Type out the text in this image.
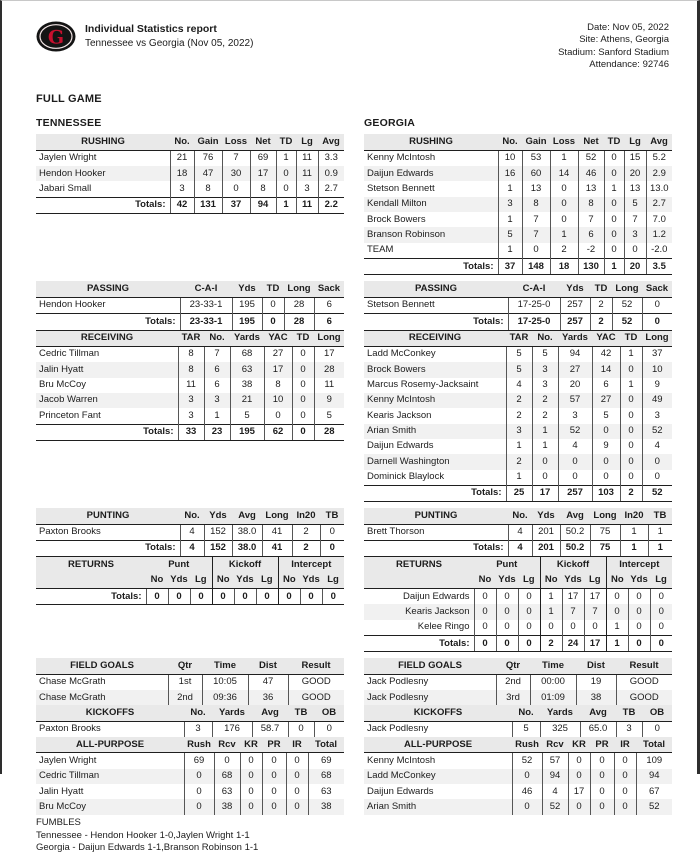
G Individual Statistics report
Tennessee vs Georgia (Nov 05, 2022)
Date: Nov 05, 2022
Site: Athens, Georgia
Stadium: Sanford Stadium
Attendance: 92746
FULL GAME
TENNESSEE
RUSHING	No.	Gain	Loss	Net	TD	Lg	Avg
Jaylen Wright	21	76	7	69	1	11	3.3
Hendon Hooker	18	47	30	17	0	11	0.9
Jabari Small	3	8	0	8	0	3	2.7
Totals:	42	131	37	94	1	11	2.2
GEORGIA
RUSHING	No.	Gain	Loss	Net	TD	Lg	Avg
Kenny McIntosh	10	53	1	52	0	15	5.2
Daijun Edwards	16	60	14	46	0	20	2.9
Stetson Bennett	1	13	0	13	1	13	13.0
Kendall Milton	3	8	0	8	0	5	2.7
Brock Bowers	1	7	0	7	0	7	7.0
Branson Robinson	5	7	1	6	0	3	1.2
TEAM	1	0	2	-2	0	0	-2.0
Totals:	37	148	18	130	1	20	3.5
PASSING	C-A-I	Yds	TD	Long	Sack
Hendon Hooker	23-33-1	195	0	28	6
Totals:	23-33-1	195	0	28	6
RECEIVING	TAR	No.	Yards	YAC	TD	Long
Cedric Tillman	8	7	68	27	0	17
Jalin Hyatt	8	6	63	17	0	28
Bru McCoy	11	6	38	8	0	11
Jacob Warren	3	3	21	10	0	9
Princeton Fant	3	1	5	0	0	5
Totals:	33	23	195	62	0	28
PASSING	C-A-I	Yds	TD	Long	Sack
Stetson Bennett	17-25-0	257	2	52	0
Totals:	17-25-0	257	2	52	0
RECEIVING	TAR	No.	Yards	YAC	TD	Long
Ladd McConkey	5	5	94	42	1	37
Brock Bowers	5	3	27	14	0	10
Marcus Rosemy-Jacksaint	4	3	20	6	1	9
Kenny McIntosh	2	2	57	27	0	49
Kearis Jackson	2	2	3	5	0	3
Arian Smith	3	1	52	0	0	52
Daijun Edwards	1	1	4	9	0	4
Darnell Washington	2	0	0	0	0	0
Dominick Blaylock	1	0	0	0	0	0
Totals:	25	17	257	103	2	52
PUNTING	No.	Yds	Avg	Long	In20	TB
Paxton Brooks	4	152	38.0	41	2	0
Totals:	4	152	38.0	41	2	0
RETURNS	Punt			Kickoff			Intercept		
	No	Yds	Lg	No	Yds	Lg	No	Yds	Lg
Totals:	0	0	0	0	0	0	0	0	0
PUNTING	No.	Yds	Avg	Long	In20	TB
Brett Thorson	4	201	50.2	75	1	1
Totals:	4	201	50.2	75	1	1
RETURNS	Punt			Kickoff			Intercept		
	No	Yds	Lg	No	Yds	Lg	No	Yds	Lg
Daijun Edwards	0	0	0	1	17	17	0	0	0
Kearis Jackson	0	0	0	1	7	7	0	0	0
Kelee Ringo	0	0	0	0	0	0	1	0	0
Totals:	0	0	0	2	24	17	1	0	0
FIELD GOALS	Qtr	Time	Dist	Result
Chase McGrath	1st	10:05	47	GOOD
Chase McGrath	2nd	09:36	36	GOOD
KICKOFFS	No.	Yards	Avg	TB	OB
Paxton Brooks	3	176	58.7	0	0
ALL-PURPOSE	Rush	Rcv	KR	PR	IR	Total
Jaylen Wright	69	0	0	0	0	69
Cedric Tillman	0	68	0	0	0	68
Jalin Hyatt	0	63	0	0	0	63
Bru McCoy	0	38	0	0	0	38
FUMBLES
Tennessee - Hendon Hooker 1-0,Jaylen Wright 1-1
Georgia - Daijun Edwards 1-1,Branson Robinson 1-1
FIELD GOALS	Qtr	Time	Dist	Result
Jack Podlesny	2nd	00:00	19	GOOD
Jack Podlesny	3rd	01:09	38	GOOD
KICKOFFS	No.	Yards	Avg	TB	OB
Jack Podlesny	5	325	65.0	3	0
ALL-PURPOSE	Rush	Rcv	KR	PR	IR	Total
Kenny McIntosh	52	57	0	0	0	109
Ladd McConkey	0	94	0	0	0	94
Daijun Edwards	46	4	17	0	0	67
Arian Smith	0	52	0	0	0	52
